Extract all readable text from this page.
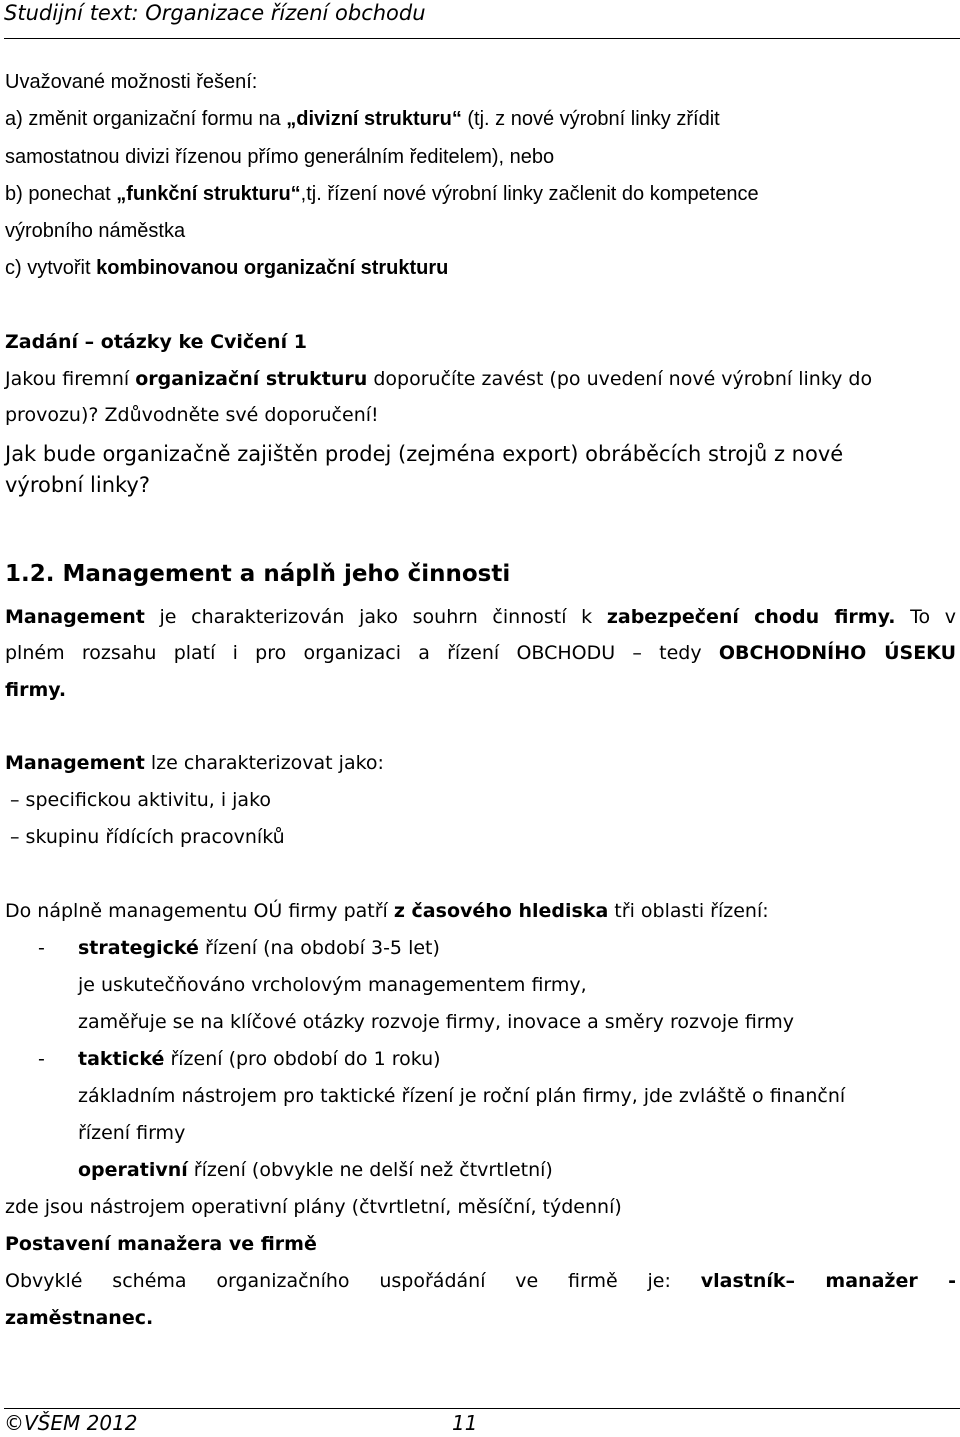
Studijní text: Organizace řízení obchodu
Uvažované možnosti řešení:
a) změnit organizační formu na „divizní strukturu“ (tj. z nové výrobní linky zřídit
samostatnou divizi řízenou přímo generálním ředitelem), nebo
b) ponechat „funkční strukturu“,tj. řízení nové výrobní linky začlenit do kompetence
výrobního náměstka
c) vytvořit kombinovanou organizační strukturu
Zadání – otázky ke Cvičení 1
Jakou firemní organizační strukturu doporučíte zavést (po uvedení nové výrobní linky do
provozu)? Zdůvodněte své doporučení!
Jak bude organizačně zajištěn prodej (zejména export) obráběcích strojů z nové
výrobní linky?
1.2. Management a náplň jeho činnosti
Management je charakterizován jako souhrn činností k zabezpečení chodu firmy. To v
plném rozsahu platí i pro organizaci a řízení OBCHODU – tedy OBCHODNÍHO ÚSEKU
firmy.
Management lze charakterizovat jako:
– specifickou aktivitu, i jako
– skupinu řídících pracovníků
Do náplně managementu OÚ firmy patří z časového hlediska tři oblasti řízení:
- strategické řízení (na období 3-5 let)
je uskutečňováno vrcholovým managementem firmy,
zaměřuje se na klíčové otázky rozvoje firmy, inovace a směry rozvoje firmy
- taktické řízení (pro období do 1 roku)
základním nástrojem pro taktické řízení je roční plán firmy, jde zvláště o finanční
řízení firmy
operativní řízení (obvykle ne delší než čtvrtletní)
zde jsou nástrojem operativní plány (čtvrtletní, měsíční, týdenní)
Postavení manažera ve firmě
Obvyklé schéma organizačního uspořádání ve firmě je: vlastník– manažer -
zaměstnanec.
©VŠEM 2012	11
